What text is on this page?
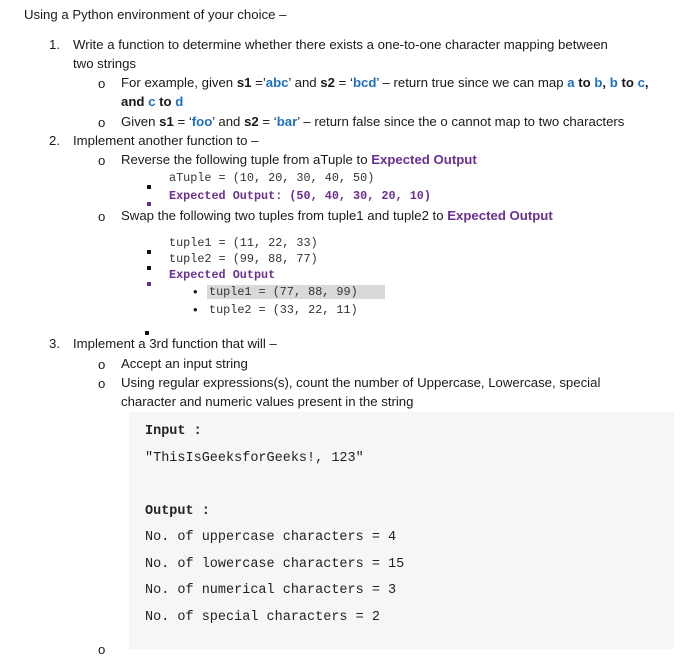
Using a Python environment of your choice –
1. Write a function to determine whether there exists a one-to-one character mapping between
two strings
o For example, given s1 =’abc’ and s2 = ‘bcd’ – return true since we can map a to b, b to c,
and c to d
o Given s1 = ‘foo’ and s2 = ‘bar’ – return false since the o cannot map to two characters
2. Implement another function to –
o Reverse the following tuple from aTuple to Expected Output
aTuple = (10, 20, 30, 40, 50)
Expected Output: (50, 40, 30, 20, 10)
o Swap the following two tuples from tuple1 and tuple2 to Expected Output
tuple1 = (11, 22, 33)
tuple2 = (99, 88, 77)
Expected Output
• tuple1 = (77, 88, 99)
• tuple2 = (33, 22, 11)
3. Implement a 3rd function that will –
o Accept an input string
o Using regular expressions(s), count the number of Uppercase, Lowercase, special
character and numeric values present in the string
Input :
"ThisIsGeeksforGeeks!, 123"
Output :
No. of uppercase characters = 4
No. of lowercase characters = 15
No. of numerical characters = 3
No. of special characters = 2
o
